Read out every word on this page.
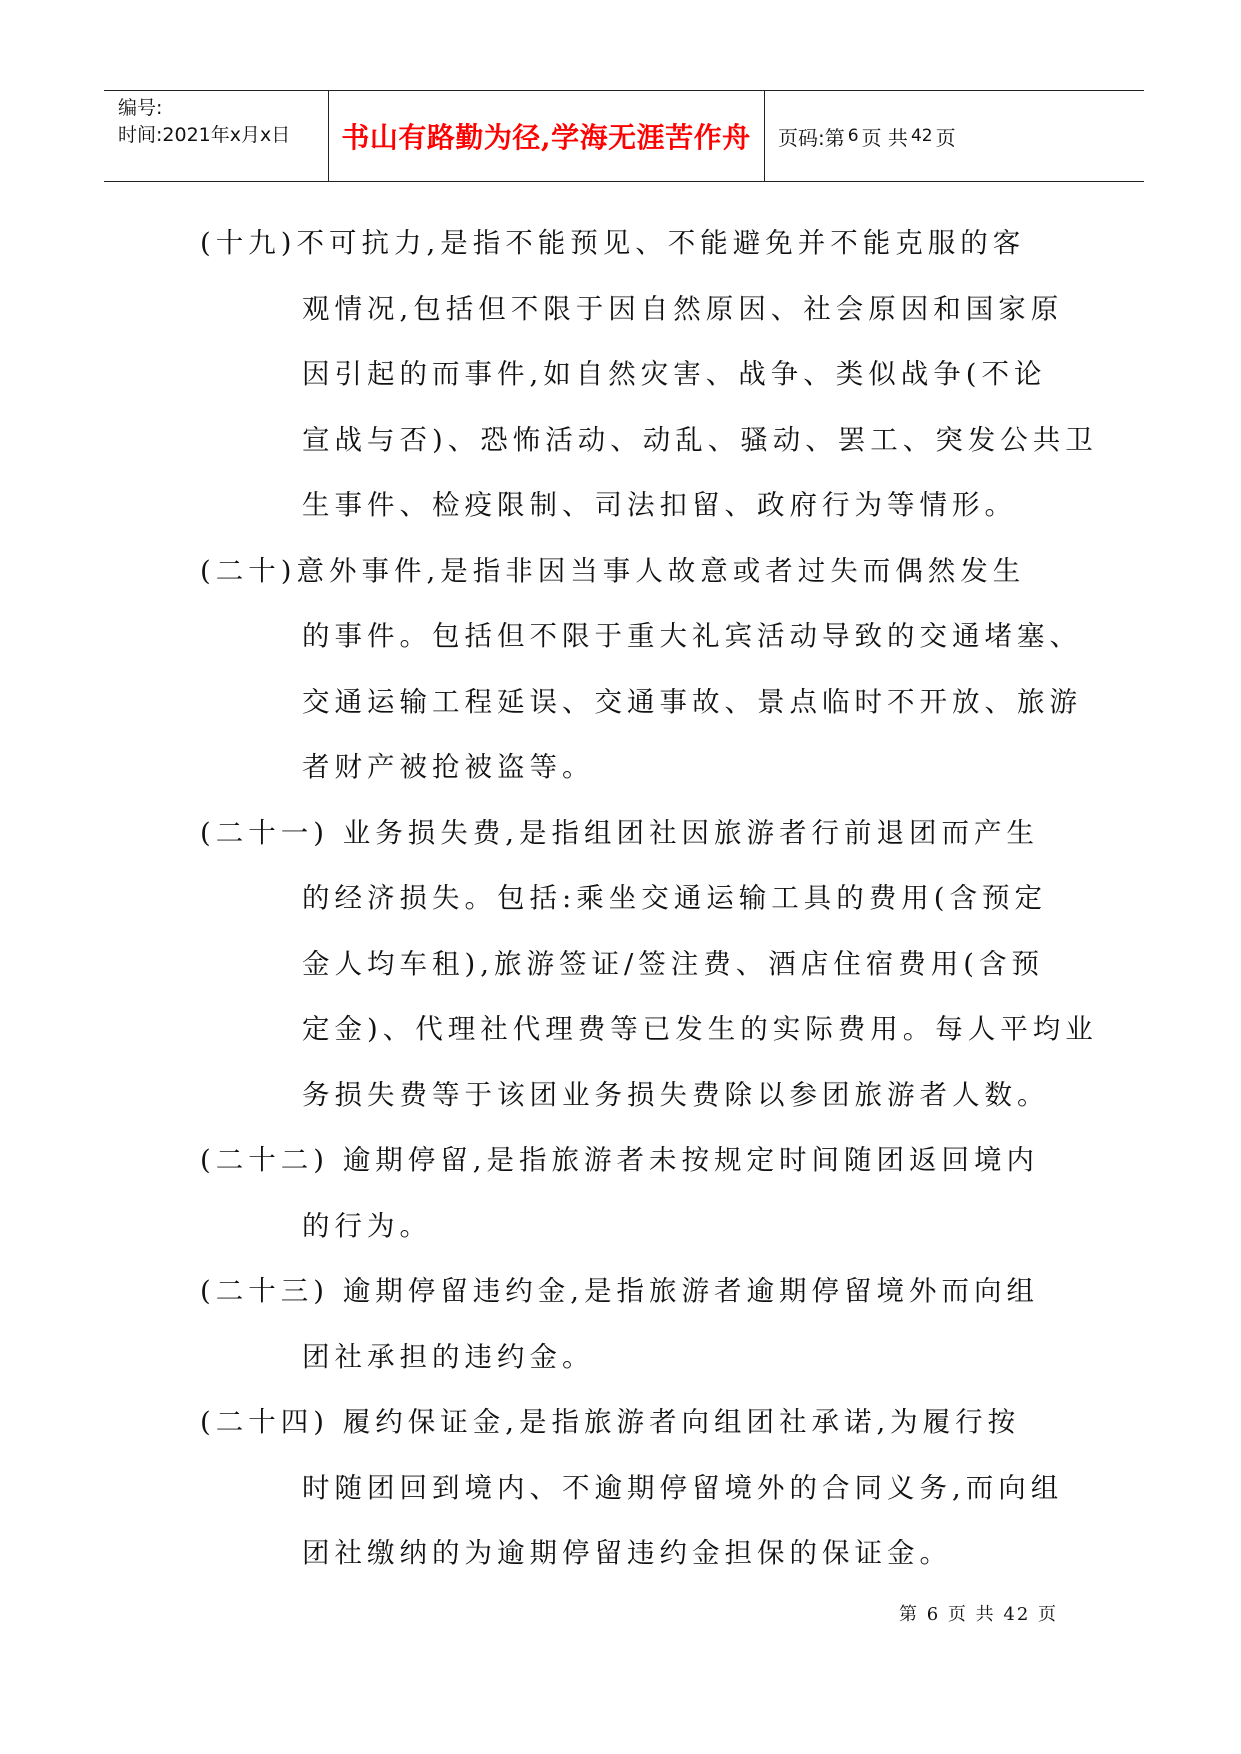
编号:
时间:2021年x月x日	书山有路勤为径,学海无涯苦作舟	页码:第 6 页 共 42 页
(十九)不可抗力,是指不能预见、不能避免并不能克服的客
观情况,包括但不限于因自然原因、社会原因和国家原
因引起的而事件,如自然灾害、战争、类似战争(不论
宣战与否)、恐怖活动、动乱、骚动、罢工、突发公共卫
生事件、检疫限制、司法扣留、政府行为等情形。
(二十)意外事件,是指非因当事人故意或者过失而偶然发生
的事件。包括但不限于重大礼宾活动导致的交通堵塞、
交通运输工程延误、交通事故、景点临时不开放、旅游
者财产被抢被盗等。
(二十一) 业务损失费,是指组团社因旅游者行前退团而产生
的经济损失。包括:乘坐交通运输工具的费用(含预定
金人均车租),旅游签证/签注费、酒店住宿费用(含预
定金)、代理社代理费等已发生的实际费用。每人平均业
务损失费等于该团业务损失费除以参团旅游者人数。
(二十二) 逾期停留,是指旅游者未按规定时间随团返回境内
的行为。
(二十三) 逾期停留违约金,是指旅游者逾期停留境外而向组
团社承担的违约金。
(二十四) 履约保证金,是指旅游者向组团社承诺,为履行按
时随团回到境内、不逾期停留境外的合同义务,而向组
团社缴纳的为逾期停留违约金担保的保证金。
第 6 页 共 42 页
